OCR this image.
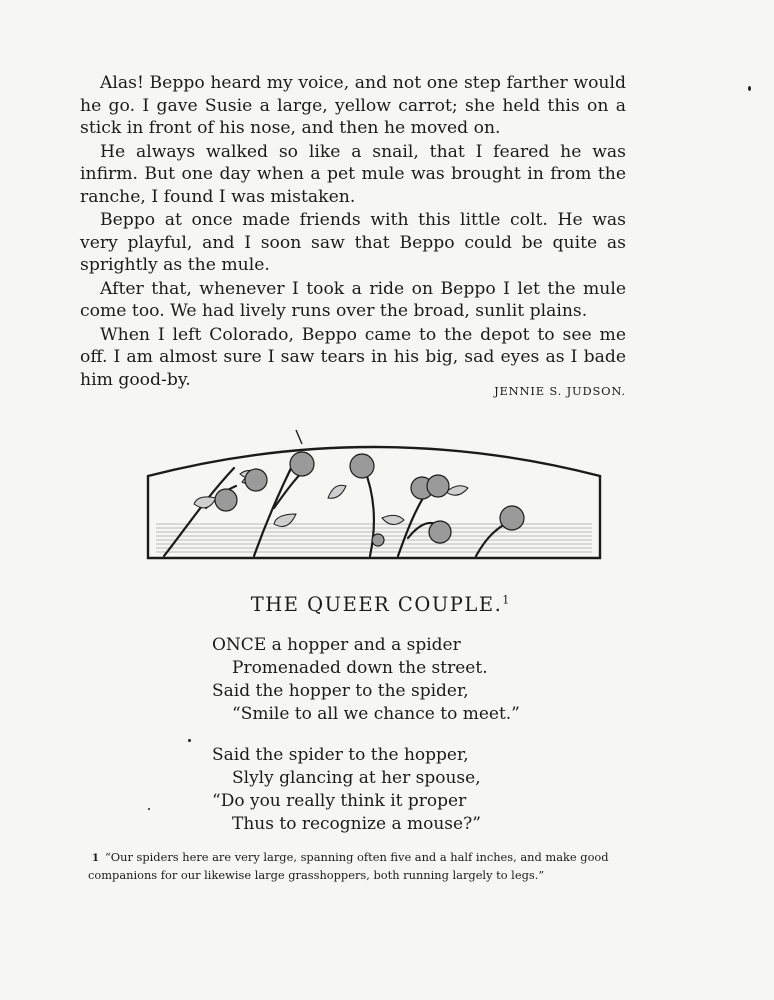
Alas! Beppo heard my voice, and not one step farther would he go. I gave Susie a large, yellow carrot; she held this on a stick in front of his nose, and then he moved on.

He always walked so like a snail, that I feared he was infirm. But one day when a pet mule was brought in from the ranche, I found I was mistaken.

Beppo at once made friends with this little colt. He was very playful, and I soon saw that Beppo could be quite as sprightly as the mule.

After that, whenever I took a ride on Beppo I let the mule come too. We had lively runs over the broad, sunlit plains.

When I left Colorado, Beppo came to the depot to see me off. I am almost sure I saw tears in his big, sad eyes as I bade him good-by.

JENNIE S. JUDSON.
THE QUEER COUPLE.$^1$
ONCE a hopper and a spider
Promenaded down the street.
Said the hopper to the spider,
“Smile to all we chance to meet.”
Said the spider to the hopper,
Slyly glancing at her spouse,
“Do you really think it proper
Thus to recognize a mouse?”
1 “Our spiders here are very large, spanning often five and a half inches, and make good companions for our likewise large grasshoppers, both running largely to legs.”
